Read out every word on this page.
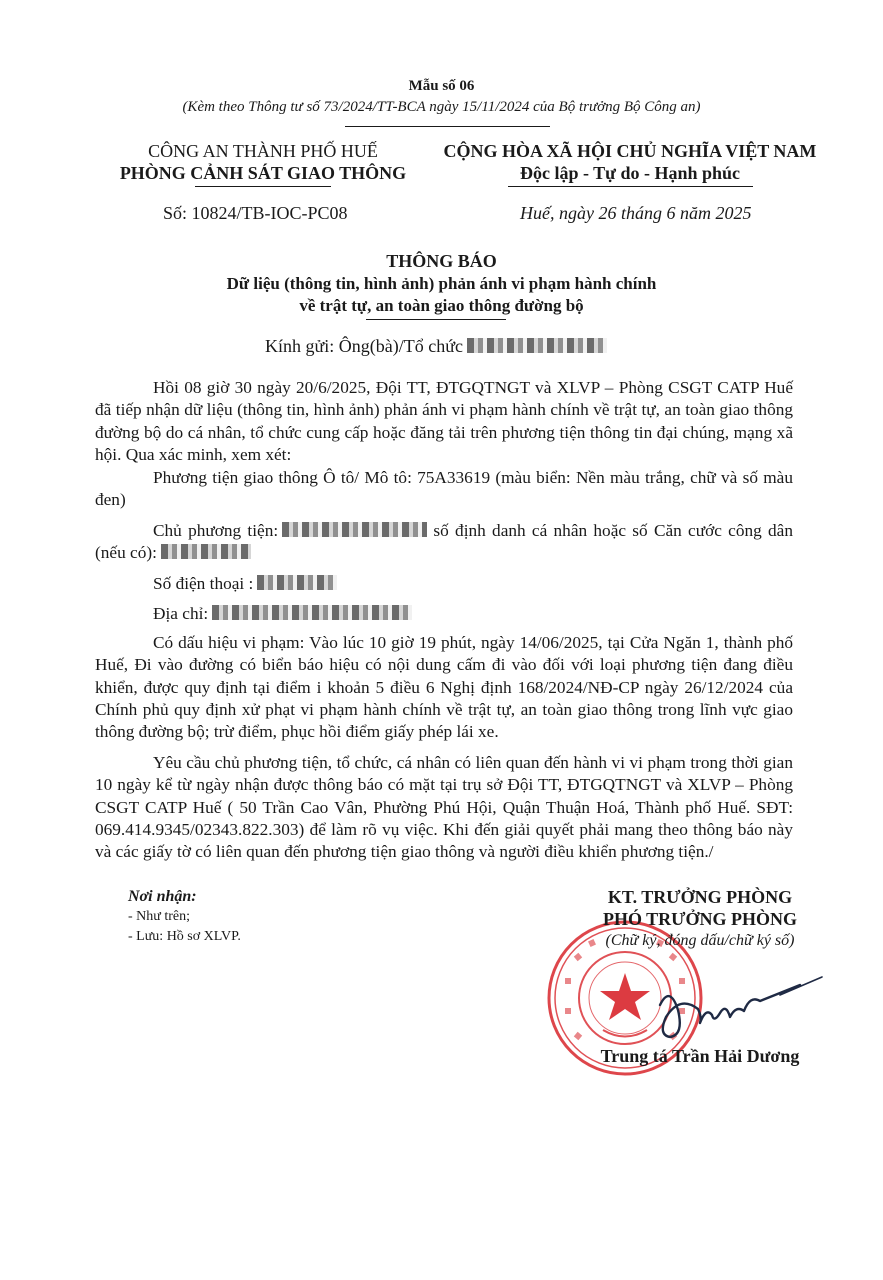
Mẫu số 06
(Kèm theo Thông tư số 73/2024/TT-BCA ngày 15/11/2024 của Bộ trưởng Bộ Công an)
CÔNG AN THÀNH PHỐ HUẾ
PHÒNG CẢNH SÁT GIAO THÔNG
CỘNG HÒA XÃ HỘI CHỦ NGHĨA VIỆT NAM
Độc lập - Tự do - Hạnh phúc
Số: 10824/TB-IOC-PC08	Huế, ngày 26 tháng 6 năm 2025
THÔNG BÁO
Dữ liệu (thông tin, hình ảnh) phản ánh vi phạm hành chính
về trật tự, an toàn giao thông đường bộ
Kính gửi: Ông(bà)/Tổ chức

Hồi 08 giờ 30 ngày 20/6/2025, Đội TT, ĐTGQTNGT và XLVP – Phòng CSGT CATP Huế đã tiếp nhận dữ liệu (thông tin, hình ảnh) phản ánh vi phạm hành chính về trật tự, an toàn giao thông đường bộ do cá nhân, tổ chức cung cấp hoặc đăng tải trên phương tiện thông tin đại chúng, mạng xã hội. Qua xác minh, xem xét:

Phương tiện giao thông Ô tô/ Mô tô: 75A33619 (màu biển: Nền màu trắng, chữ và số màu đen)

Chủ phương tiện:	số định danh cá nhân hoặc số Căn cước công dân (nếu có):

Số điện thoại :

Địa chỉ:

Có dấu hiệu vi phạm: Vào lúc 10 giờ 19 phút, ngày 14/06/2025, tại Cửa Ngăn 1, thành phố Huế, Đi vào đường có biển báo hiệu có nội dung cấm đi vào đối với loại phương tiện đang điều khiển, được quy định tại điểm i khoản 5 điều 6 Nghị định 168/2024/NĐ-CP ngày 26/12/2024 của Chính phủ quy định xử phạt vi phạm hành chính về trật tự, an toàn giao thông trong lĩnh vực giao thông đường bộ; trừ điểm, phục hồi điểm giấy phép lái xe.

Yêu cầu chủ phương tiện, tổ chức, cá nhân có liên quan đến hành vi vi phạm trong thời gian 10 ngày kể từ ngày nhận được thông báo có mặt tại trụ sở Đội TT, ĐTGQTNGT và XLVP – Phòng CSGT CATP Huế ( 50 Trần Cao Vân, Phường Phú Hội, Quận Thuận Hoá, Thành phố Huế. SĐT: 069.414.9345/02343.822.303) để làm rõ vụ việc. Khi đến giải quyết phải mang theo thông báo này và các giấy tờ có liên quan đến phương tiện giao thông và người điều khiển phương tiện./

Nơi nhận:
- Như trên;
- Lưu: Hồ sơ XLVP.
KT. TRƯỞNG PHÒNG
PHÓ TRƯỞNG PHÒNG
(Chữ ký, đóng dấu/chữ ký số)
Trung tá Trần Hải Dương
